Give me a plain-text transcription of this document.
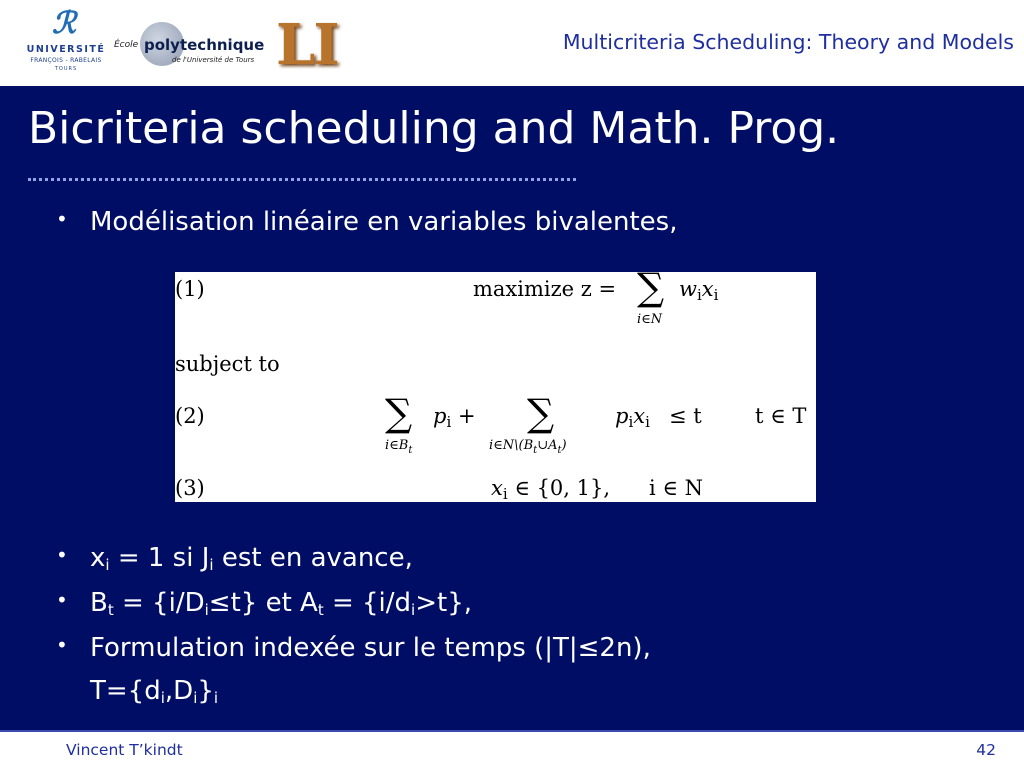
ℛ
UNIVERSITÉ
FRANÇOIS - RABELAIS
TOURS
École polytechnique
de l'Université de Tours LI	Multicriteria Scheduling: Theory and Models
Bicriteria scheduling and Math. Prog.
• Modélisation linéaire en variables bivalentes,
(1)	maximize z = ∑
i∈N
$w_ix_i$
subject to
(2)	∑
$i\in B_t$
$p_i$ + ∑
$i\in N\backslash(B_t\cup A_t)$
$p_ix_i \le t$	t ∈ T
(3)	$x_i$ ∈ {0, 1}, i ∈ N
• $x_i = 1$ si $J_i$ est en avance,
• $B_t = \{i/D_i\le t\}$ et $A_t = \{i/d_i>t\}$,
• Formulation indexée sur le temps (|T|≤2n),
$T=\{d_i,D_i\}_i$
Vincent T’kindt	42
